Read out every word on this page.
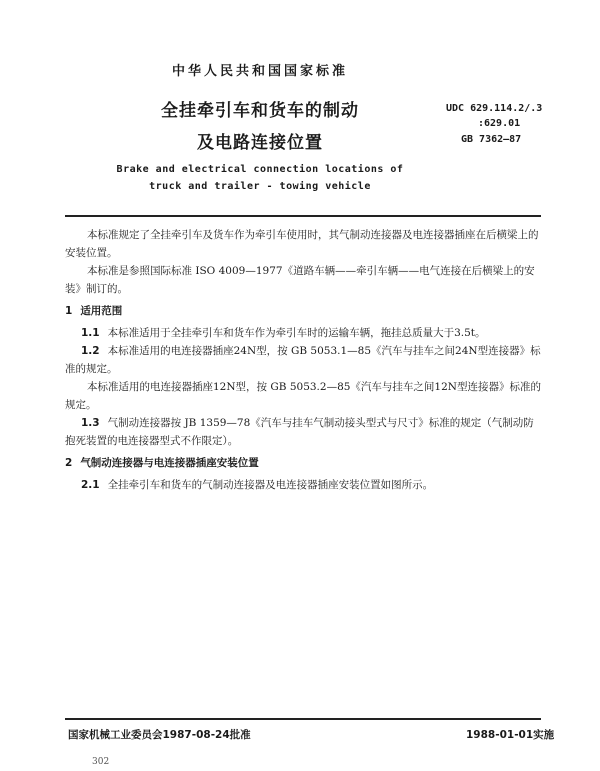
中华人民共和国国家标准
全挂牵引车和货车的制动
及电路连接位置
Brake and electrical connection locations of
truck and trailer - towing vehicle
UDC 629.114.2/.3
:629.01
GB 7362—87
本标准规定了全挂牵引车及货车作为牵引车使用时，其气制动连接器及电连接器插座在后横梁上的安装位置。
本标准是参照国际标准 ISO 4009—1977《道路车辆——牵引车辆——电气连接在后横梁上的安装》制订的。
1 适用范围
1.1 本标准适用于全挂牵引车和货车作为牵引车时的运输车辆，拖挂总质量大于3.5t。
1.2 本标准适用的电连接器插座24N型，按 GB 5053.1—85《汽车与挂车之间24N型连接器》标准的规定。
本标准适用的电连接器插座12N型，按 GB 5053.2—85《汽车与挂车之间12N型连接器》标准的规定。
1.3 气制动连接器按 JB 1359—78《汽车与挂车气制动接头型式与尺寸》标准的规定（气制动防抱死装置的电连接器型式不作限定）。
2 气制动连接器与电连接器插座安装位置
2.1 全挂牵引车和货车的气制动连接器及电连接器插座安装位置如图所示。
国家机械工业委员会1987-08-24批准	1988-01-01实施
302
